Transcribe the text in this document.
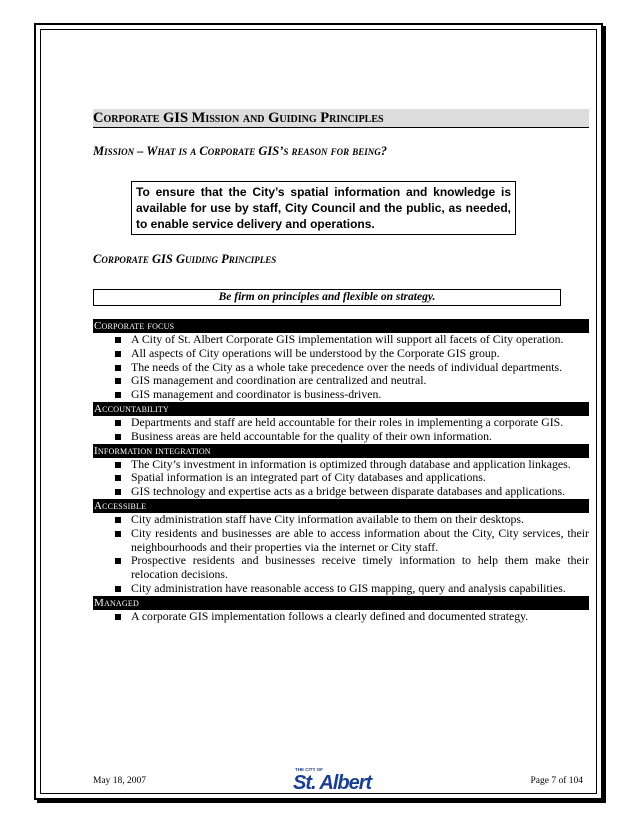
Corporate GIS Mission and Guiding Principles
Mission – What is a Corporate GIS’s reason for being?
To ensure that the City’s spatial information and knowledge is available for use by staff, City Council and the public, as needed, to enable service delivery and operations.
Corporate GIS Guiding Principles
Be firm on principles and flexible on strategy.
Corporate focus
A City of St. Albert Corporate GIS implementation will support all facets of City operation.
All aspects of City operations will be understood by the Corporate GIS group.
The needs of the City as a whole take precedence over the needs of individual departments.
GIS management and coordination are centralized and neutral.
GIS management and coordinator is business-driven.
Accountability
Departments and staff are held accountable for their roles in implementing a corporate GIS.
Business areas are held accountable for the quality of their own information.
Information integration
The City’s investment in information is optimized through database and application linkages.
Spatial information is an integrated part of City databases and applications.
GIS technology and expertise acts as a bridge between disparate databases and applications.
Accessible
City administration staff have City information available to them on their desktops.
City residents and businesses are able to access information about the City, City services, their neighbourhoods and their properties via the internet or City staff.
Prospective residents and businesses receive timely information to help them make their relocation decisions.
City administration have reasonable access to GIS mapping, query and analysis capabilities.
Managed
A corporate GIS implementation follows a clearly defined and documented strategy.
May 18, 2007
THE CITY OF
St. Albert	Page 7 of 104
